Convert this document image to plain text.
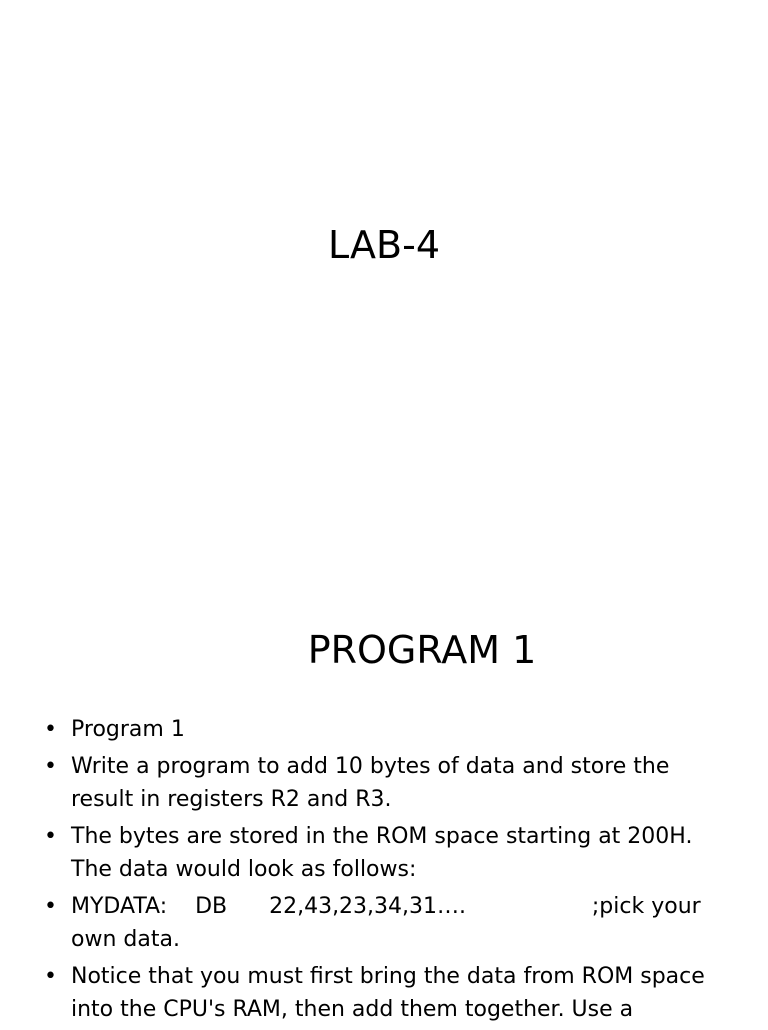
LAB-4
PROGRAM 1
• Program 1
• Write a program to add 10 bytes of data and store the result in registers R2 and R3.
• The bytes are stored in the ROM space starting at 200H. The data would look as follows:
• MYDATA:    DB      22,43,23,34,31….                  ;pick your own data.
• Notice that you must first bring the data from ROM space into the CPU's RAM, then add them together. Use a
